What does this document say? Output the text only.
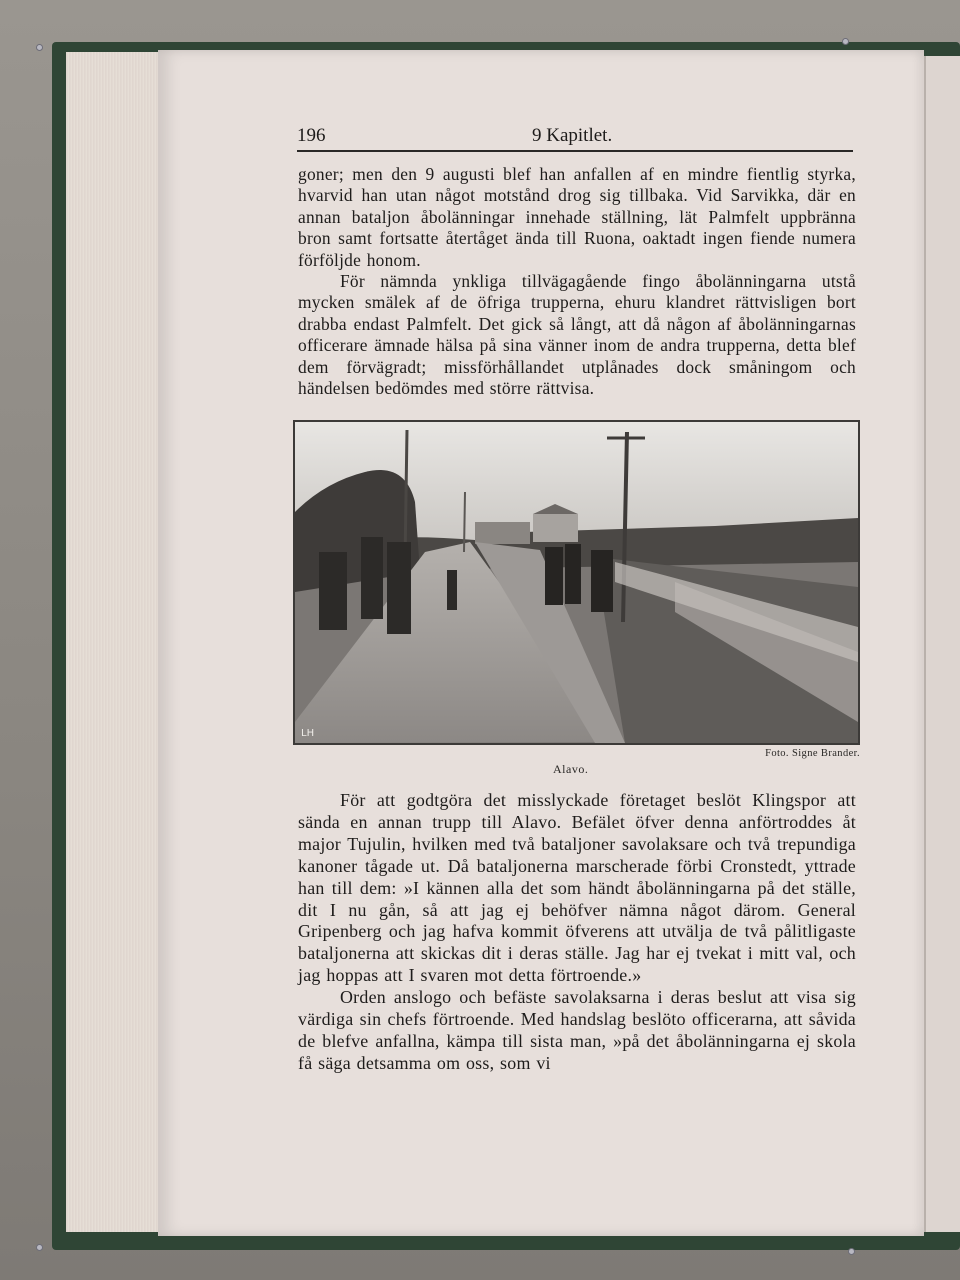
196	9 Kapitlet.

goner; men den 9 augusti blef han anfallen af en mindre fientlig styrka, hvarvid han utan något motstånd drog sig tillbaka. Vid Sarvikka, där en annan bataljon åbolänningar innehade ställning, lät Palmfelt uppbränna bron samt fortsatte återtåget ända till Ruona, oaktadt ingen fiende numera förföljde honom.

För nämnda ynkliga tillvägagående fingo åbolänningarna utstå mycken smälek af de öfriga trupperna, ehuru klandret rättvisligen bort drabba endast Palmfelt. Det gick så långt, att då någon af åbolänningarnas officerare ämnade hälsa på sina vänner inom de andra trupperna, detta blef dem förvägradt; missförhållandet utplånades dock småningom och händelsen bedömdes med större rättvisa.

LH
Foto. Signe Brander.
Alavo.

För att godtgöra det misslyckade företaget beslöt Klingspor att sända en annan trupp till Alavo. Befälet öfver denna anförtroddes åt major Tujulin, hvilken med två bataljoner savolaksare och två trepundiga kanoner tågade ut. Då bataljonerna marscherade förbi Cronstedt, yttrade han till dem: »I kännen alla det som händt åbolänningarna på det ställe, dit I nu gån, så att jag ej behöfver nämna något därom. General Gripenberg och jag hafva kommit öfverens att utvälja de två pålitligaste bataljonerna att skickas dit i deras ställe. Jag har ej tvekat i mitt val, och jag hoppas att I svaren mot detta förtroende.»

Orden anslogo och befäste savolaksarna i deras beslut att visa sig värdiga sin chefs förtroende. Med handslag beslöto officerarna, att såvida de blefve anfallna, kämpa till sista man, »på det åbolänningarna ej skola få säga detsamma om oss, som vi
